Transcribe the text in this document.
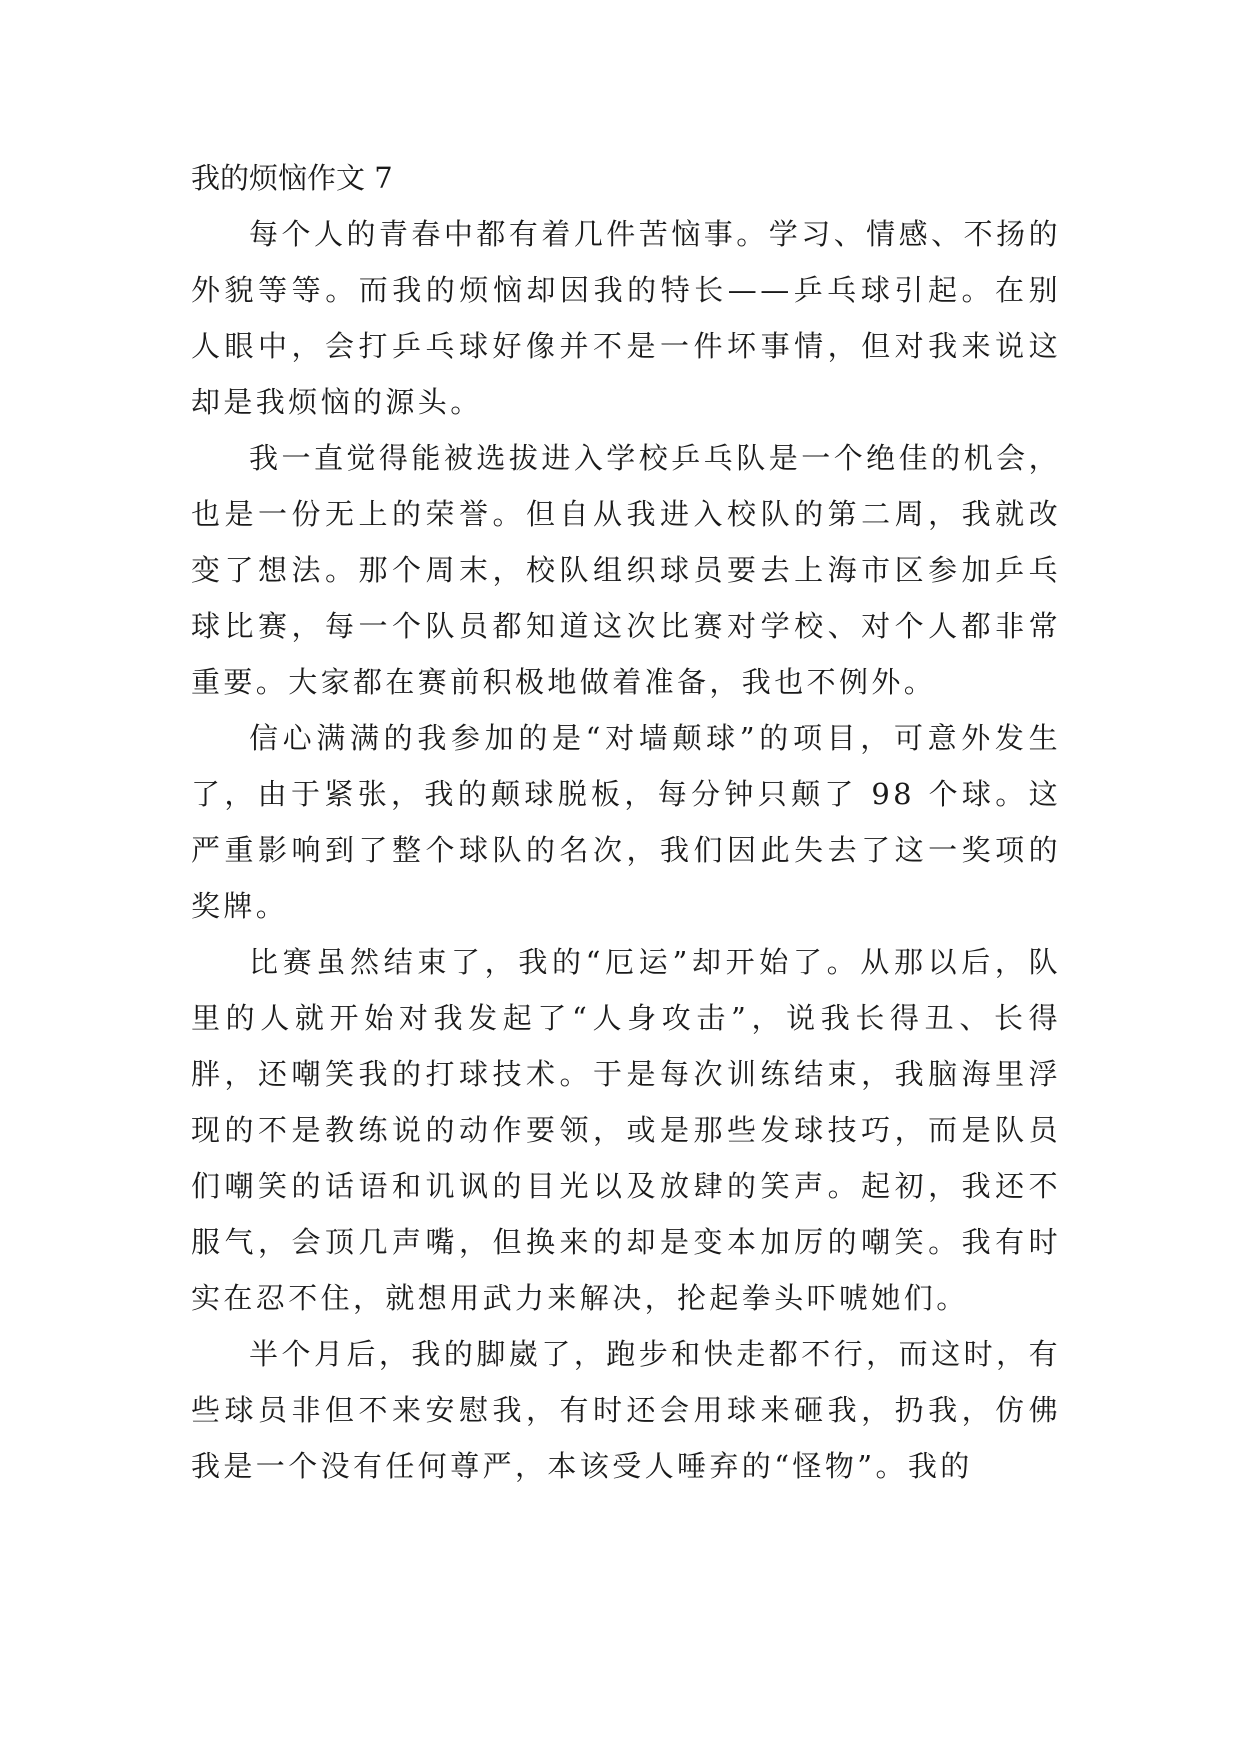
我的烦恼作文 7

每个人的青春中都有着几件苦恼事。学习、情感、不扬的外貌等等。而我的烦恼却因我的特长——乒乓球引起。在别人眼中，会打乒乓球好像并不是一件坏事情，但对我来说这却是我烦恼的源头。

我一直觉得能被选拔进入学校乒乓队是一个绝佳的机会，也是一份无上的荣誉。但自从我进入校队的第二周，我就改变了想法。那个周末，校队组织球员要去上海市区参加乒乓球比赛，每一个队员都知道这次比赛对学校、对个人都非常重要。大家都在赛前积极地做着准备，我也不例外。

信心满满的我参加的是“对墙颠球”的项目，可意外发生了，由于紧张，我的颠球脱板，每分钟只颠了 98 个球。这严重影响到了整个球队的名次，我们因此失去了这一奖项的奖牌。

比赛虽然结束了，我的“厄运”却开始了。从那以后，队里的人就开始对我发起了“人身攻击”，说我长得丑、长得胖，还嘲笑我的打球技术。于是每次训练结束，我脑海里浮现的不是教练说的动作要领，或是那些发球技巧，而是队员们嘲笑的话语和讥讽的目光以及放肆的笑声。起初，我还不服气，会顶几声嘴，但换来的却是变本加厉的嘲笑。我有时实在忍不住，就想用武力来解决，抡起拳头吓唬她们。

半个月后，我的脚崴了，跑步和快走都不行，而这时，有些球员非但不来安慰我，有时还会用球来砸我，扔我，仿佛我是一个没有任何尊严，本该受人唾弃的“怪物”。我的
